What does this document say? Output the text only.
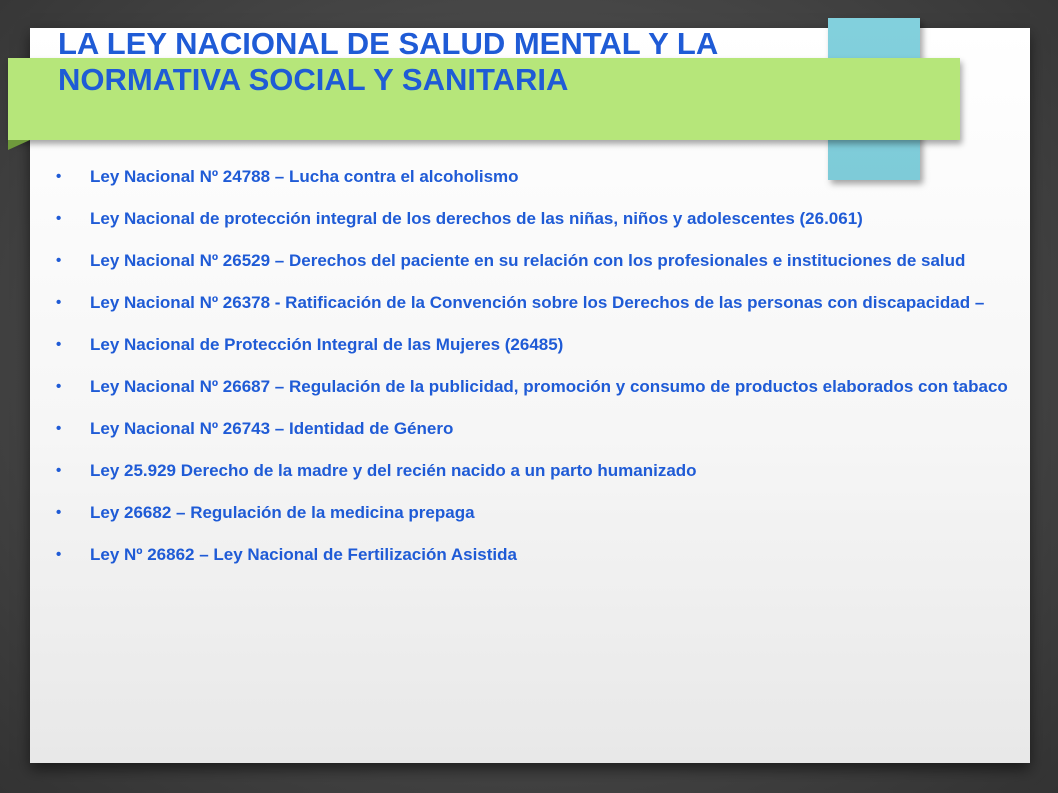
LA LEY NACIONAL DE SALUD MENTAL Y LA NORMATIVA SOCIAL Y SANITARIA
• Ley Nacional Nº 24788 – Lucha contra el alcoholismo
• Ley Nacional de protección integral de los derechos de las niñas, niños y adolescentes (26.061)
• Ley Nacional Nº 26529 – Derechos del paciente en su relación con los profesionales e instituciones de salud
• Ley Nacional Nº 26378 - Ratificación de la Convención sobre los Derechos de las personas con discapacidad –
• Ley Nacional de Protección Integral de las Mujeres (26485)
• Ley Nacional Nº 26687 – Regulación de la publicidad, promoción y consumo de productos elaborados con tabaco
• Ley Nacional Nº 26743 – Identidad de Género
• Ley 25.929 Derecho de la madre y del recién nacido a un parto humanizado
• Ley 26682 – Regulación de la medicina prepaga
• Ley Nº 26862 – Ley Nacional de Fertilización Asistida
